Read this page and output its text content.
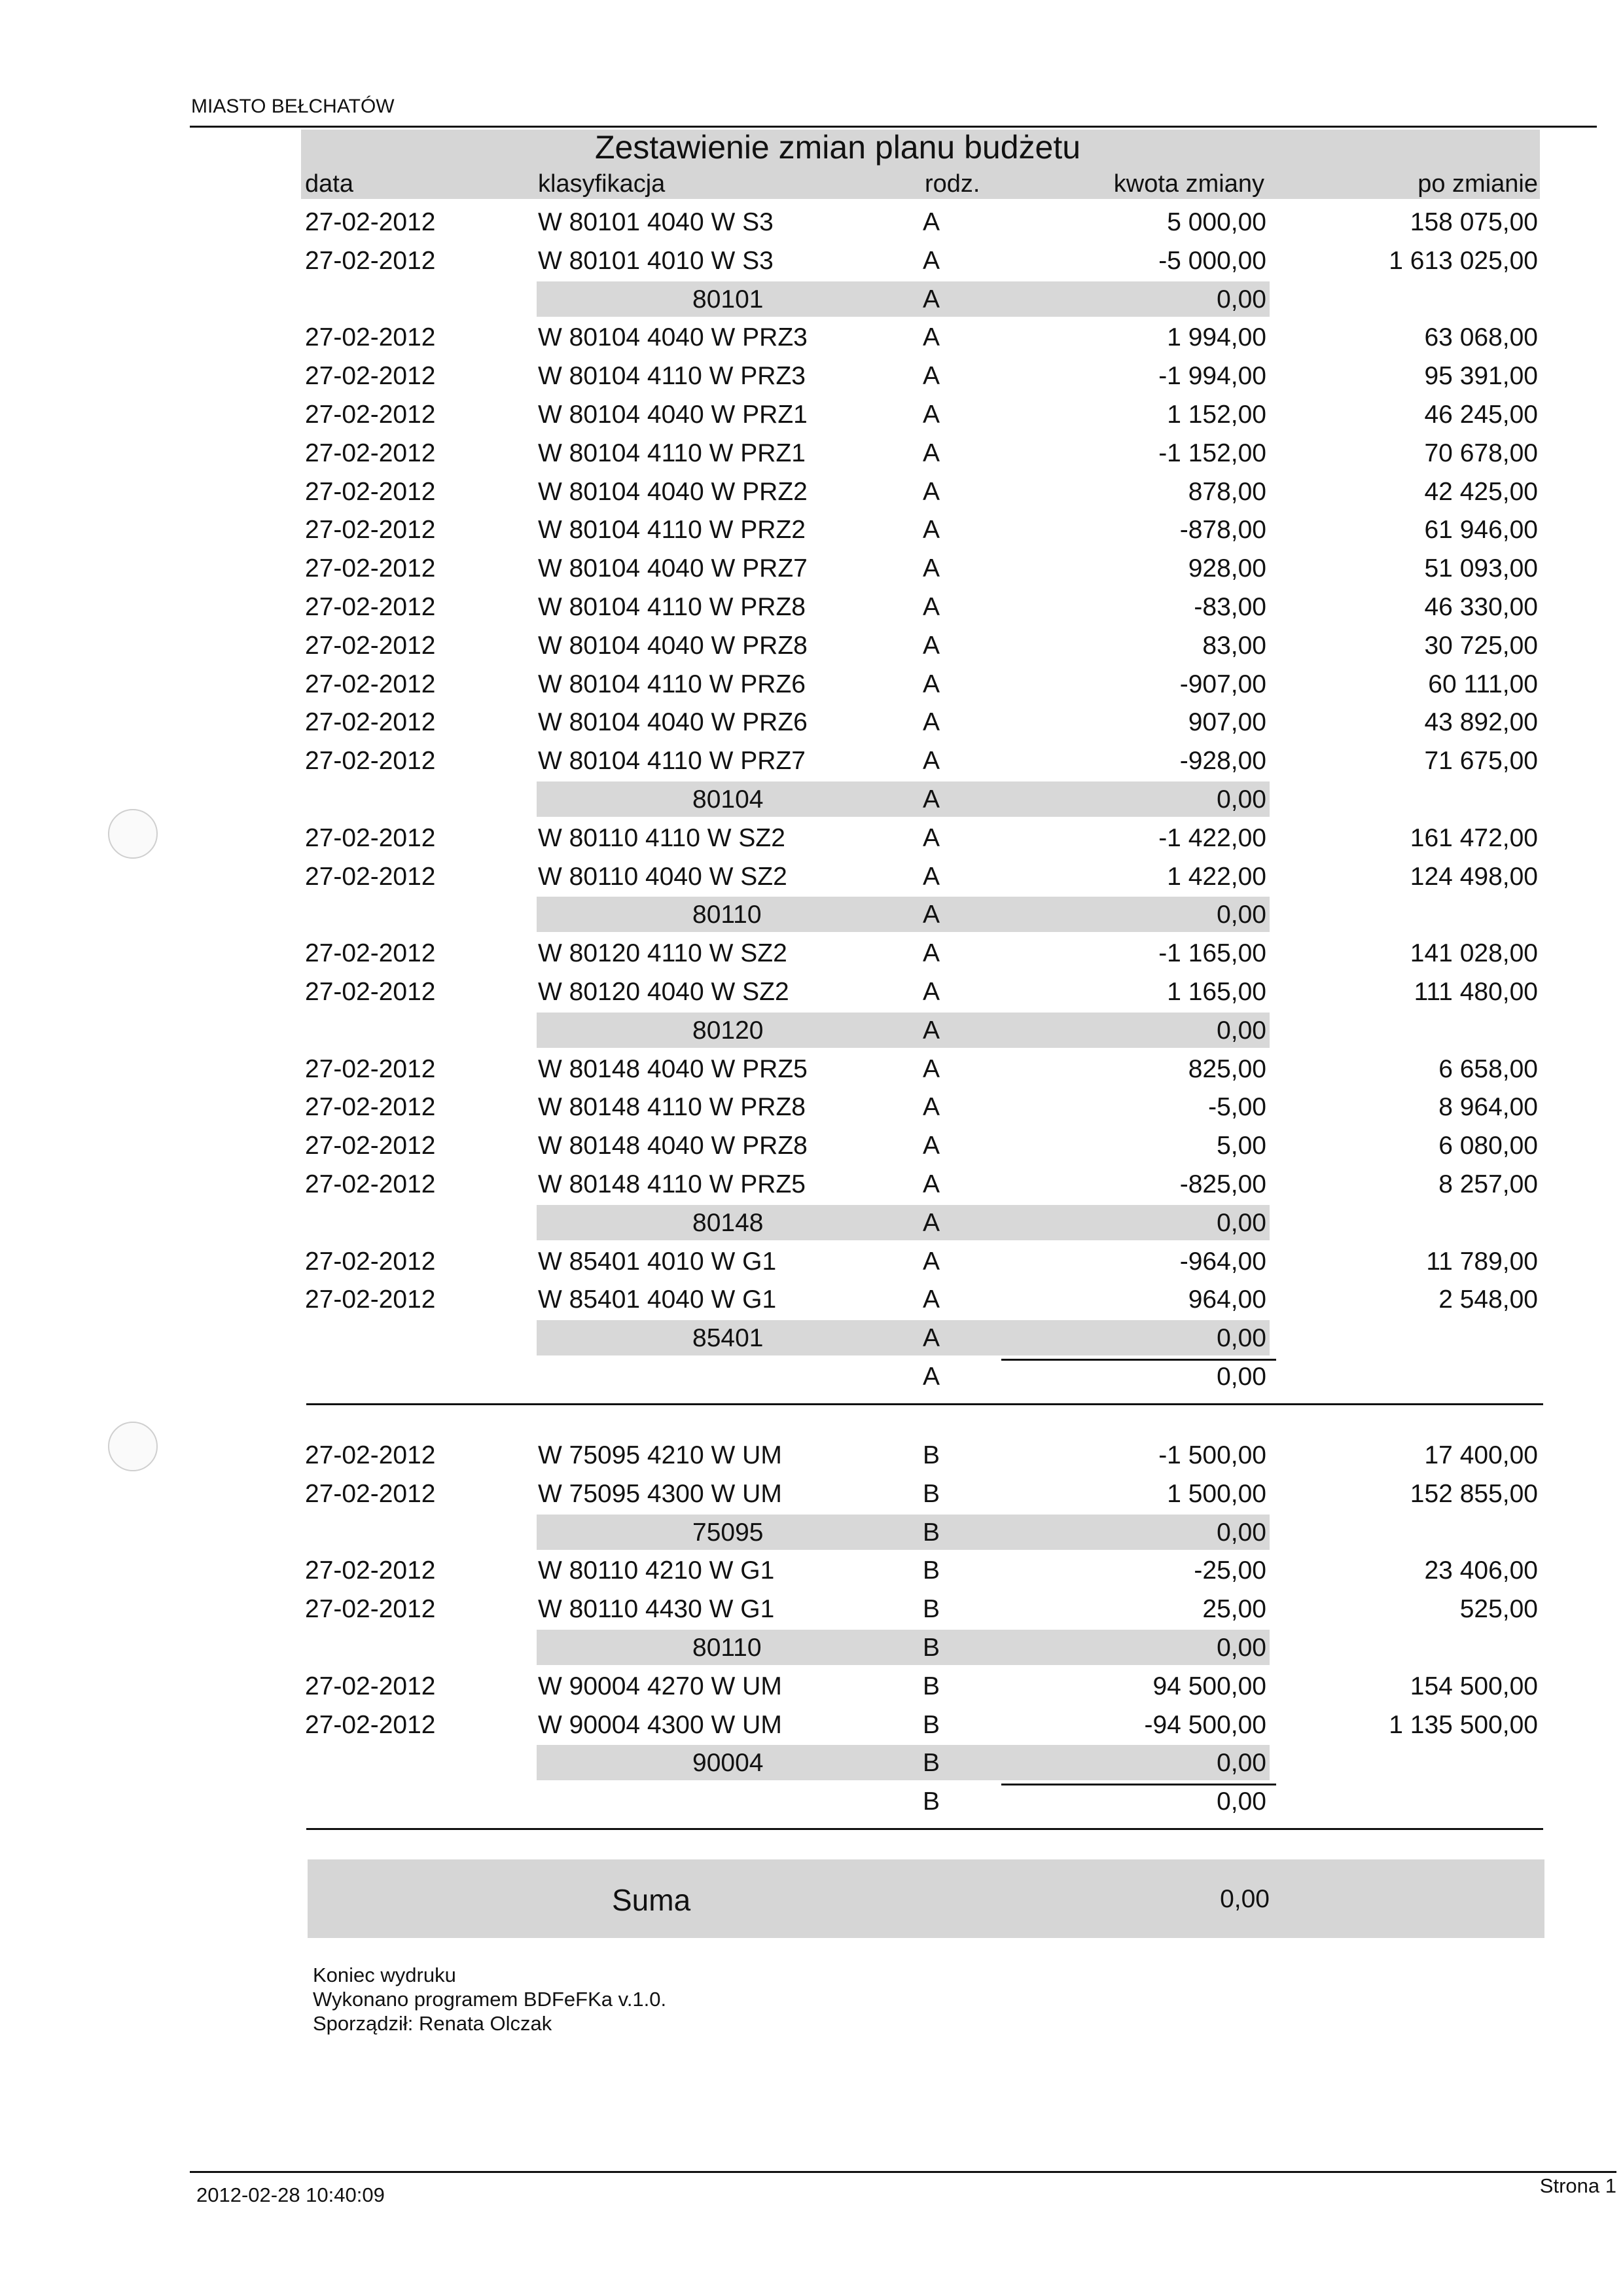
MIASTO BEŁCHATÓW
Zestawienie zmian planu budżetu
data	klasyfikacja	rodz.	kwota zmiany	po zmianie
27-02-2012	W 80101 4040 W S3	A	5 000,00	158 075,00
27-02-2012	W 80101 4010 W S3	A	-5 000,00	1 613 025,00
80101	A	0,00
27-02-2012	W 80104 4040 W PRZ3	A	1 994,00	63 068,00
27-02-2012	W 80104 4110 W PRZ3	A	-1 994,00	95 391,00
27-02-2012	W 80104 4040 W PRZ1	A	1 152,00	46 245,00
27-02-2012	W 80104 4110 W PRZ1	A	-1 152,00	70 678,00
27-02-2012	W 80104 4040 W PRZ2	A	878,00	42 425,00
27-02-2012	W 80104 4110 W PRZ2	A	-878,00	61 946,00
27-02-2012	W 80104 4040 W PRZ7	A	928,00	51 093,00
27-02-2012	W 80104 4110 W PRZ8	A	-83,00	46 330,00
27-02-2012	W 80104 4040 W PRZ8	A	83,00	30 725,00
27-02-2012	W 80104 4110 W PRZ6	A	-907,00	60 111,00
27-02-2012	W 80104 4040 W PRZ6	A	907,00	43 892,00
27-02-2012	W 80104 4110 W PRZ7	A	-928,00	71 675,00
80104	A	0,00
27-02-2012	W 80110 4110 W SZ2	A	-1 422,00	161 472,00
27-02-2012	W 80110 4040 W SZ2	A	1 422,00	124 498,00
80110	A	0,00
27-02-2012	W 80120 4110 W SZ2	A	-1 165,00	141 028,00
27-02-2012	W 80120 4040 W SZ2	A	1 165,00	111 480,00
80120	A	0,00
27-02-2012	W 80148 4040 W PRZ5	A	825,00	6 658,00
27-02-2012	W 80148 4110 W PRZ8	A	-5,00	8 964,00
27-02-2012	W 80148 4040 W PRZ8	A	5,00	6 080,00
27-02-2012	W 80148 4110 W PRZ5	A	-825,00	8 257,00
80148	A	0,00
27-02-2012	W 85401 4010 W G1	A	-964,00	11 789,00
27-02-2012	W 85401 4040 W G1	A	964,00	2 548,00
85401	A	0,00
A	0,00
27-02-2012	W 75095 4210 W UM	B	-1 500,00	17 400,00
27-02-2012	W 75095 4300 W UM	B	1 500,00	152 855,00
75095	B	0,00
27-02-2012	W 80110 4210 W G1	B	-25,00	23 406,00
27-02-2012	W 80110 4430 W G1	B	25,00	525,00
80110	B	0,00
27-02-2012	W 90004 4270 W UM	B	94 500,00	154 500,00
27-02-2012	W 90004 4300 W UM	B	-94 500,00	1 135 500,00
90004	B	0,00
B	0,00
Suma	0,00
Koniec wydruku
Wykonano programem BDFeFKa v.1.0.
Sporządził: Renata Olczak
2012-02-28 10:40:09	Strona 1
